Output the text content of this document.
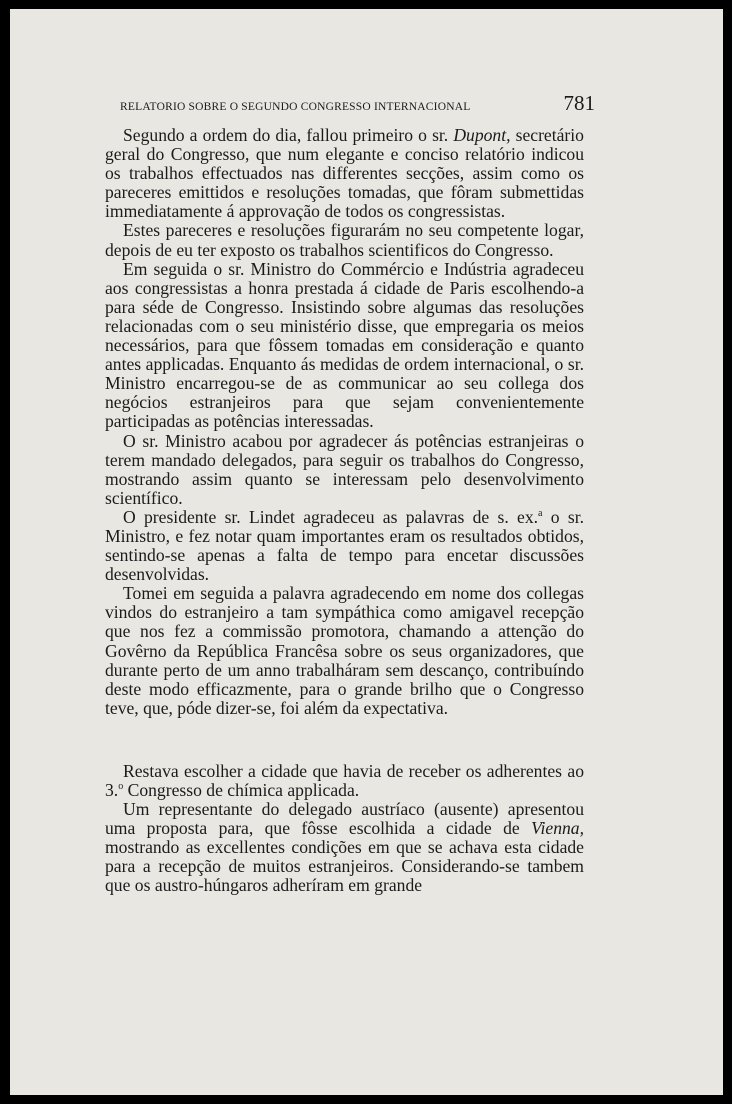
RELATORIO SOBRE O SEGUNDO CONGRESSO INTERNACIONAL	781

Segundo a ordem do dia, fallou primeiro o sr. Dupont, secretário geral do Congresso, que num elegante e conciso relatório indicou os trabalhos effectuados nas differentes secções, assim como os pareceres emittidos e resoluções tomadas, que fôram submettidas immediatamente á approvação de todos os congressistas.

Estes pareceres e resoluções figurarám no seu competente logar, depois de eu ter exposto os trabalhos scientificos do Congresso.

Em seguida o sr. Ministro do Commércio e Indústria agradeceu aos congressistas a honra prestada á cidade de Paris escolhendo-a para séde de Congresso. Insistindo sobre algumas das resoluções relacionadas com o seu ministério disse, que empregaria os meios necessários, para que fôssem tomadas em consideração e quanto antes applicadas. Enquanto ás medidas de ordem internacional, o sr. Ministro encarregou-se de as communicar ao seu collega dos negócios estranjeiros para que sejam convenientemente participadas as potências interessadas.

O sr. Ministro acabou por agradecer ás potências estranjeiras o terem mandado delegados, para seguir os trabalhos do Congresso, mostrando assim quanto se interessam pelo desenvolvimento scientífico.

O presidente sr. Lindet agradeceu as palavras de s. ex.$^a$ o sr. Ministro, e fez notar quam importantes eram os resultados obtidos, sentindo-se apenas a falta de tempo para encetar discussões desenvolvidas.

Tomei em seguida a palavra agradecendo em nome dos collegas vindos do estranjeiro a tam sympáthica como amigavel recepção que nos fez a commissão promotora, chamando a attenção do Govêrno da República Francêsa sobre os seus organizadores, que durante perto de um anno trabalháram sem descanço, contribuíndo deste modo efficazmente, para o grande brilho que o Congresso teve, que, póde dizer-se, foi além da expectativa.

Restava escolher a cidade que havia de receber os adherentes ao 3.$^o$ Congresso de chímica applicada.

Um representante do delegado austríaco (ausente) apresentou uma proposta para, que fôsse escolhida a cidade de Vienna, mostrando as excellentes condições em que se achava esta cidade para a recepção de muitos estranjeiros. Considerando-se tambem que os austro-húngaros adheríram em grande
